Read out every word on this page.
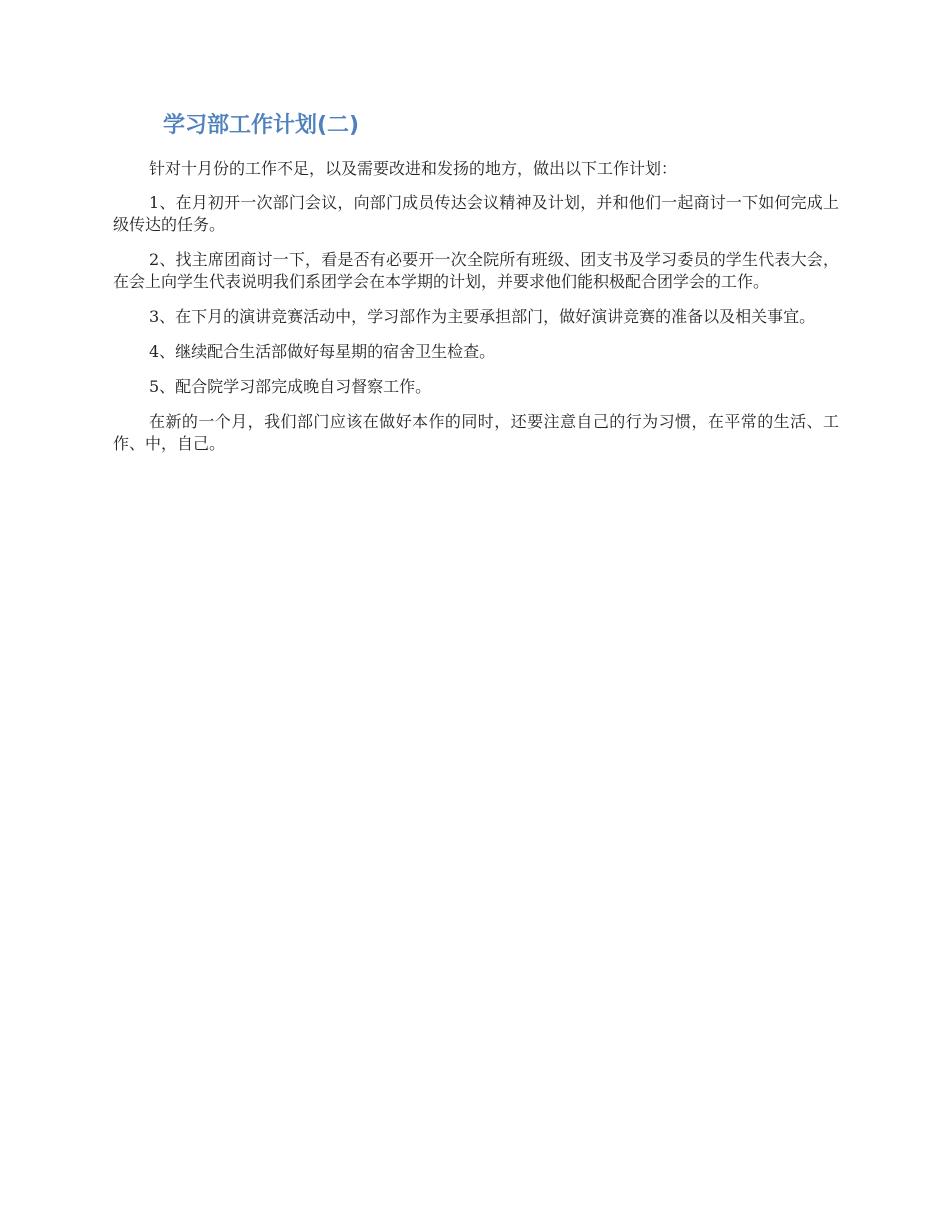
学习部工作计划(二)

针对十月份的工作不足，以及需要改进和发扬的地方，做出以下工作计划：

1、在月初开一次部门会议，向部门成员传达会议精神及计划，并和他们一起商讨一下如何完成上级传达的任务。

2、找主席团商讨一下，看是否有必要开一次全院所有班级、团支书及学习委员的学生代表大会，在会上向学生代表说明我们系团学会在本学期的计划，并要求他们能积极配合团学会的工作。

3、在下月的演讲竞赛活动中，学习部作为主要承担部门，做好演讲竞赛的准备以及相关事宜。

4、继续配合生活部做好每星期的宿舍卫生检查。

5、配合院学习部完成晚自习督察工作。

在新的一个月，我们部门应该在做好本作的同时，还要注意自己的行为习惯，在平常的生活、工作、中，自己。
